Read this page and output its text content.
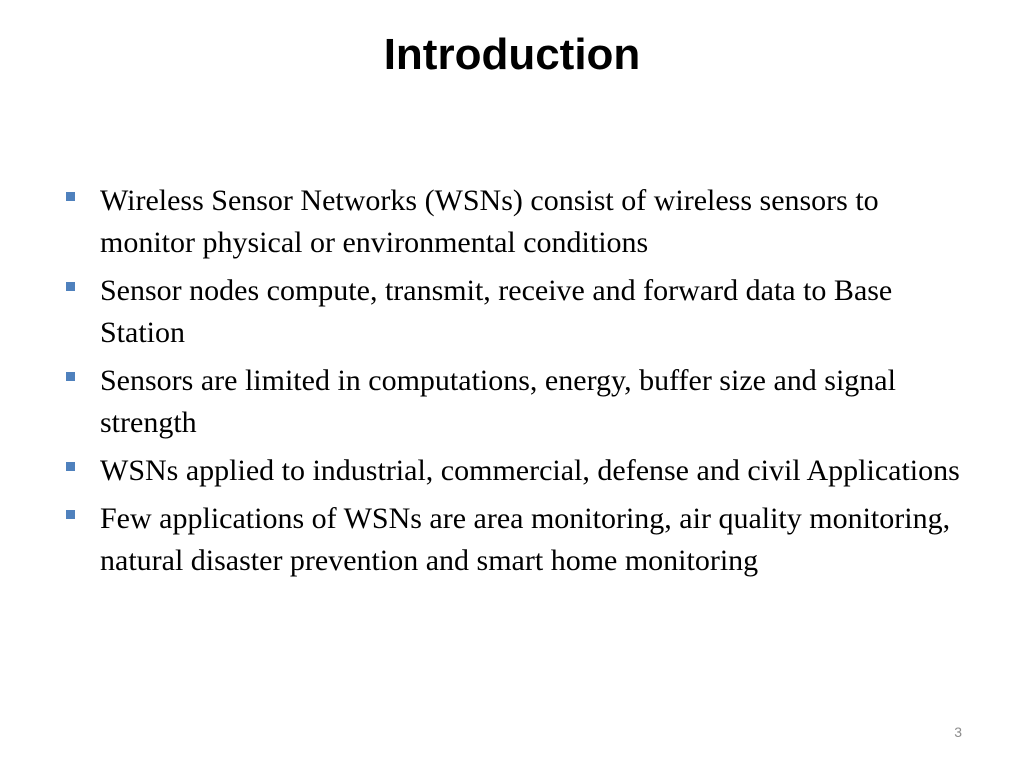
Introduction
Wireless Sensor Networks (WSNs) consist of wireless sensors to monitor physical or environmental conditions
Sensor nodes compute, transmit, receive and forward data to Base Station
Sensors are limited in computations, energy, buffer size and signal strength
WSNs applied to industrial, commercial, defense and civil Applications
Few applications of WSNs are area monitoring, air quality monitoring, natural disaster prevention and smart home monitoring
3
